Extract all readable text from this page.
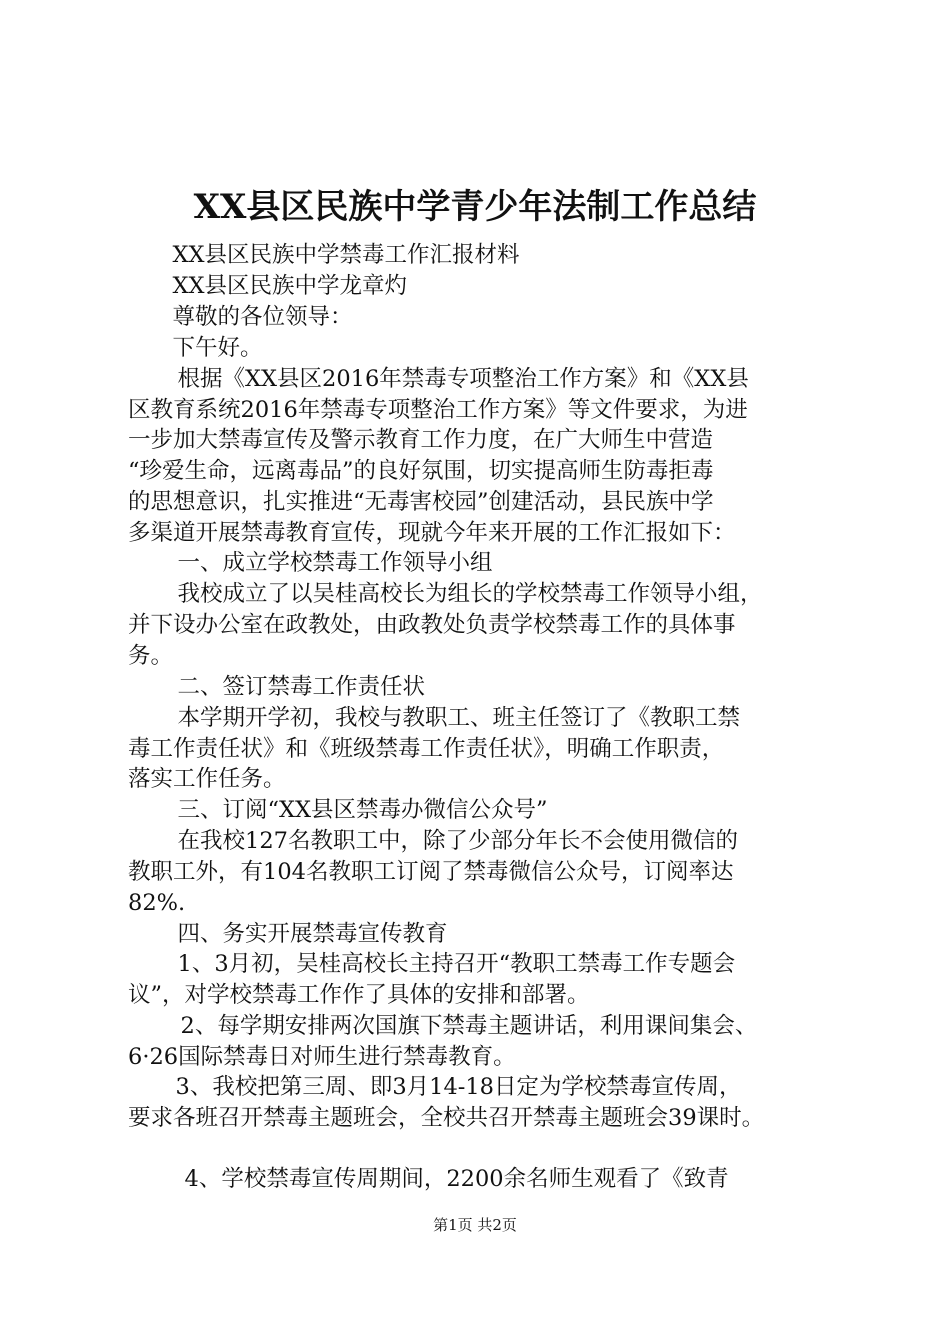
XX县区民族中学青少年法制工作总结
　XX县区民族中学禁毒工作汇报材料
　XX县区民族中学龙章灼
　尊敬的各位领导：
　下午好。
　根据《XX县区2016年禁毒专项整治工作方案》和《XX县
区教育系统2016年禁毒专项整治工作方案》等文件要求，为进
一步加大禁毒宣传及警示教育工作力度，在广大师生中营造
“珍爱生命，远离毒品”的良好氛围，切实提高师生防毒拒毒
的思想意识，扎实推进“无毒害校园”创建活动，县民族中学
多渠道开展禁毒教育宣传，现就今年来开展的工作汇报如下：
　一、成立学校禁毒工作领导小组
　我校成立了以吴桂高校长为组长的学校禁毒工作领导小组，
并下设办公室在政教处，由政教处负责学校禁毒工作的具体事
务。
　二、签订禁毒工作责任状
　本学期开学初，我校与教职工、班主任签订了《教职工禁
毒工作责任状》和《班级禁毒工作责任状》，明确工作职责，
落实工作任务。
　三、订阅“XX县区禁毒办微信公众号”
　在我校127名教职工中，除了少部分年长不会使用微信的
教职工外，有104名教职工订阅了禁毒微信公众号，订阅率达
82%.
　四、务实开展禁毒宣传教育
　1、3月初，吴桂高校长主持召开“教职工禁毒工作专题会
议”，对学校禁毒工作作了具体的安排和部署。
　2、每学期安排两次国旗下禁毒主题讲话，利用课间集会、
6·26国际禁毒日对师生进行禁毒教育。
　3、我校把第三周、即3月14-18日定为学校禁毒宣传周，
要求各班召开禁毒主题班会，全校共召开禁毒主题班会39课时。
　4、学校禁毒宣传周期间，2200余名师生观看了《致青
第1页 共2页
